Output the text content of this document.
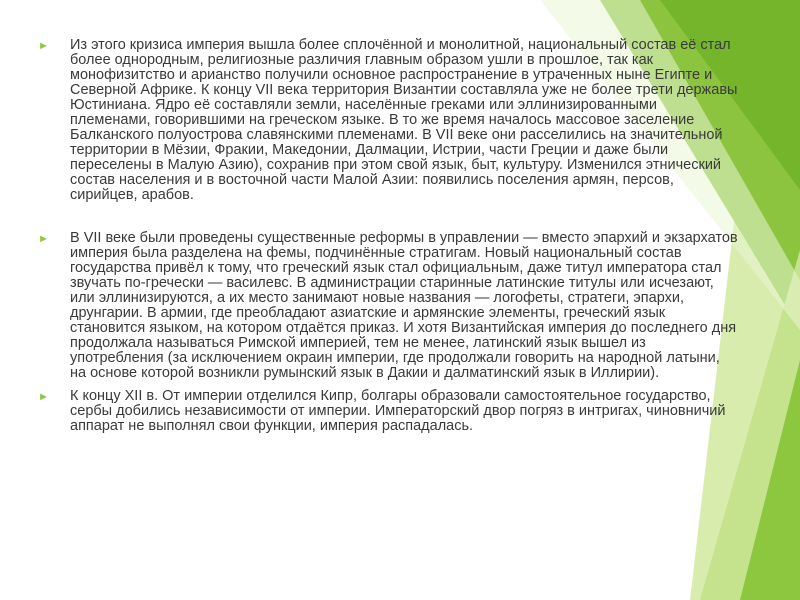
► Из этого кризиса империя вышла более сплочённой и монолитной, национальный состав её стал более однородным, религиозные различия главным образом ушли в прошлое, так как монофизитство и арианство получили основное распространение в утраченных ныне Египте и Северной Африке. К концу VII века территория Византии составляла уже не более трети державы Юстиниана. Ядро её составляли земли, населённые греками или эллинизированными племенами, говорившими на греческом языке. В то же время началось массовое заселение Балканского полуострова славянскими племенами. В VII веке они расселились на значительной территории в Мёзии, Фракии, Македонии, Далмации, Истрии, части Греции и даже были переселены в Малую Азию), сохранив при этом свой язык, быт, культуру. Изменился этнический состав населения и в восточной части Малой Азии: появились поселения армян, персов, сирийцев, арабов.

► В VII веке были проведены существенные реформы в управлении — вместо эпархий и экзархатов империя была разделена на фемы, подчинённые стратигам. Новый национальный состав государства привёл к тому, что греческий язык стал официальным, даже титул императора стал звучать по-гречески — василевс. В администрации старинные латинские титулы или исчезают, или эллинизируются, а их место занимают новые названия — логофеты, стратеги, эпархи, друнгарии. В армии, где преобладают азиатские и армянские элементы, греческий язык становится языком, на котором отдаётся приказ. И хотя Византийская империя до последнего дня продолжала называться Римской империей, тем не менее, латинский язык вышел из употребления (за исключением окраин империи, где продолжали говорить на народной латыни, на основе которой возникли румынский язык в Дакии и далматинский язык в Иллирии).

► К концу XII в. От империи отделился Кипр, болгары образовали самостоятельное государство, сербы добились независимости от империи. Императорский двор погряз в интригах, чиновничий аппарат не выполнял свои функции, империя распадалась.
